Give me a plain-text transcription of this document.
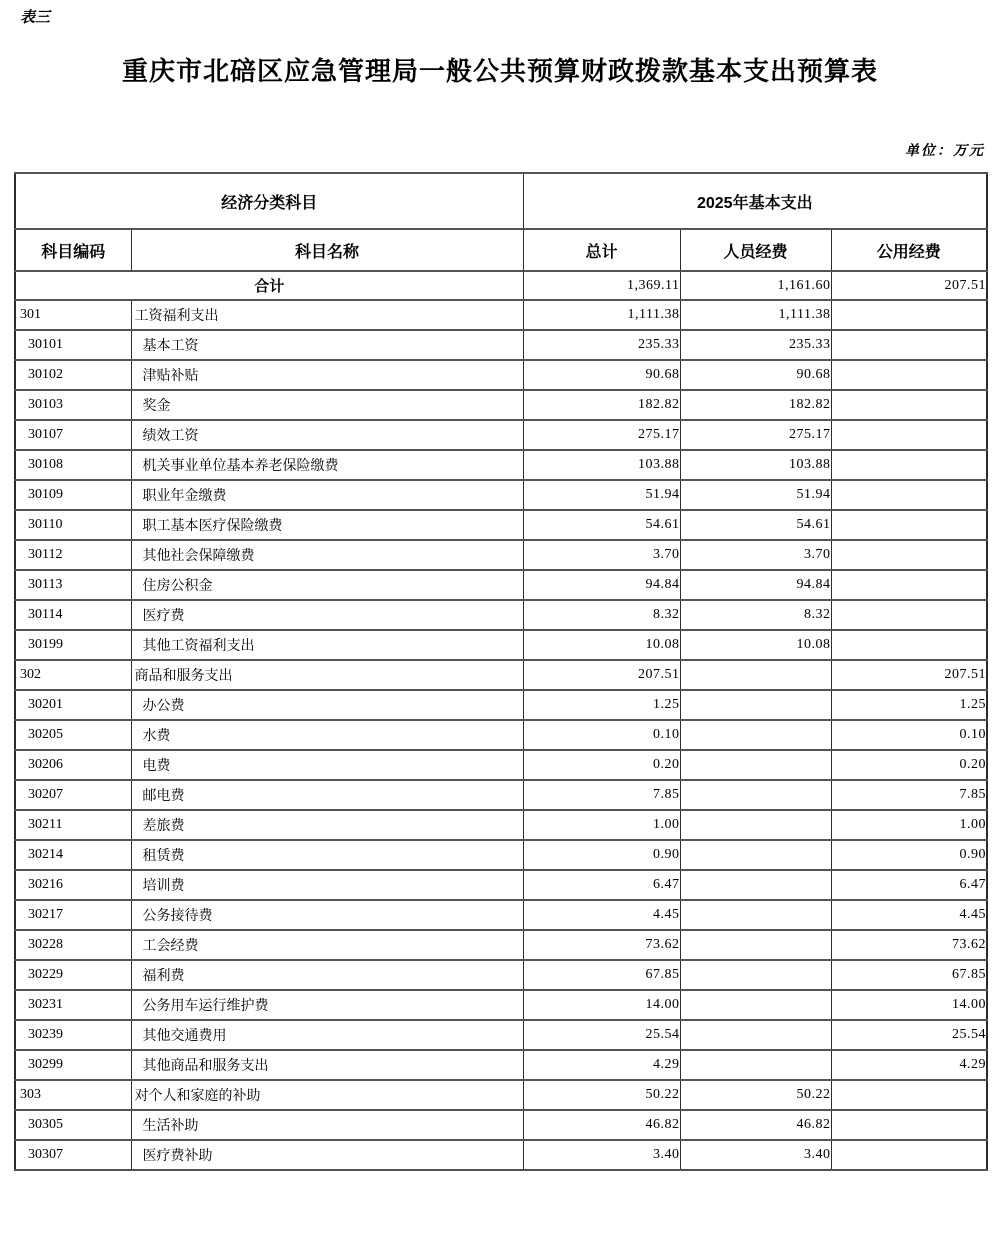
表三
重庆市北碚区应急管理局一般公共预算财政拨款基本支出预算表
单位：万元
经济分类科目		2025年基本支出		
科目编码	科目名称	总计	人员经费	公用经费
合计		1,369.11	1,161.60	207.51
301	工资福利支出	1,111.38	1,111.38	
30101	基本工资	235.33	235.33	
30102	津贴补贴	90.68	90.68	
30103	奖金	182.82	182.82	
30107	绩效工资	275.17	275.17	
30108	机关事业单位基本养老保险缴费	103.88	103.88	
30109	职业年金缴费	51.94	51.94	
30110	职工基本医疗保险缴费	54.61	54.61	
30112	其他社会保障缴费	3.70	3.70	
30113	住房公积金	94.84	94.84	
30114	医疗费	8.32	8.32	
30199	其他工资福利支出	10.08	10.08	
302	商品和服务支出	207.51		207.51
30201	办公费	1.25		1.25
30205	水费	0.10		0.10
30206	电费	0.20		0.20
30207	邮电费	7.85		7.85
30211	差旅费	1.00		1.00
30214	租赁费	0.90		0.90
30216	培训费	6.47		6.47
30217	公务接待费	4.45		4.45
30228	工会经费	73.62		73.62
30229	福利费	67.85		67.85
30231	公务用车运行维护费	14.00		14.00
30239	其他交通费用	25.54		25.54
30299	其他商品和服务支出	4.29		4.29
303	对个人和家庭的补助	50.22	50.22	
30305	生活补助	46.82	46.82	
30307	医疗费补助	3.40	3.40	
